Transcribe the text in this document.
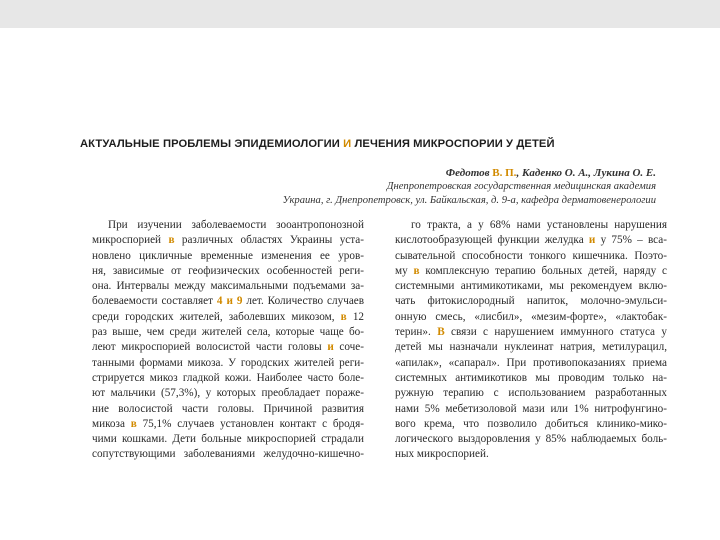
АКТУАЛЬНЫЕ ПРОБЛЕМЫ ЭПИДЕМИОЛОГИИ И ЛЕЧЕНИЯ МИКРОСПОРИИ У ДЕТЕЙ
Федотов В. П., Каденко О. А., Лукина О. Е.
Днепропетровская государственная медицинская академия
Украина, г. Днепропетровск, ул. Байкальская, д. 9-а, кафедра дерматовенерологии
При изучении заболеваемости зооантропонозной
микроспорией в различных областях Украины уста-
новлено цикличные временные изменения ее уров-
ня, зависимые от геофизических особенностей реги-
она. Интервалы между максимальными подъемами за-
болеваемости составляет 4 и 9 лет. Количество случаев
среди городских жителей, заболевших микозом, в 12
раз выше, чем среди жителей села, которые чаще бо-
леют микроспорией волосистой части головы и соче-
танными формами микоза. У городских жителей реги-
стрируется микоз гладкой кожи. Наиболее часто боле-
ют мальчики (57,3%), у которых преобладает пораже-
ние волосистой части головы. Причиной развития
микоза в 75,1% случаев установлен контакт с бродя-
чими кошками. Дети больные микроспорией страдали
сопутствующими заболеваниями желудочно-кишечно-
го тракта, а у 68% нами установлены нарушения
кислотообразующей функции желудка и у 75% – вса-
сывательной способности тонкого кишечника. Поэто-
му в комплексную терапию больных детей, наряду с
системными антимикотиками, мы рекомендуем вклю-
чать фитокислородный напиток, молочно-эмульси-
онную смесь, «лисбил», «мезим-форте», «лактобак-
терин». В связи с нарушением иммунного статуса у
детей мы назначали нуклеинат натрия, метилурацил,
«апилак», «сапарал». При противопоказаниях приема
системных антимикотиков мы проводим только на-
ружную терапию с использованием разработанных
нами 5% мебетизоловой мази или 1% нитрофунгино-
вого крема, что позволило добиться клинико-мико-
логического выздоровления у 85% наблюдаемых боль-
ных микроспорией.
